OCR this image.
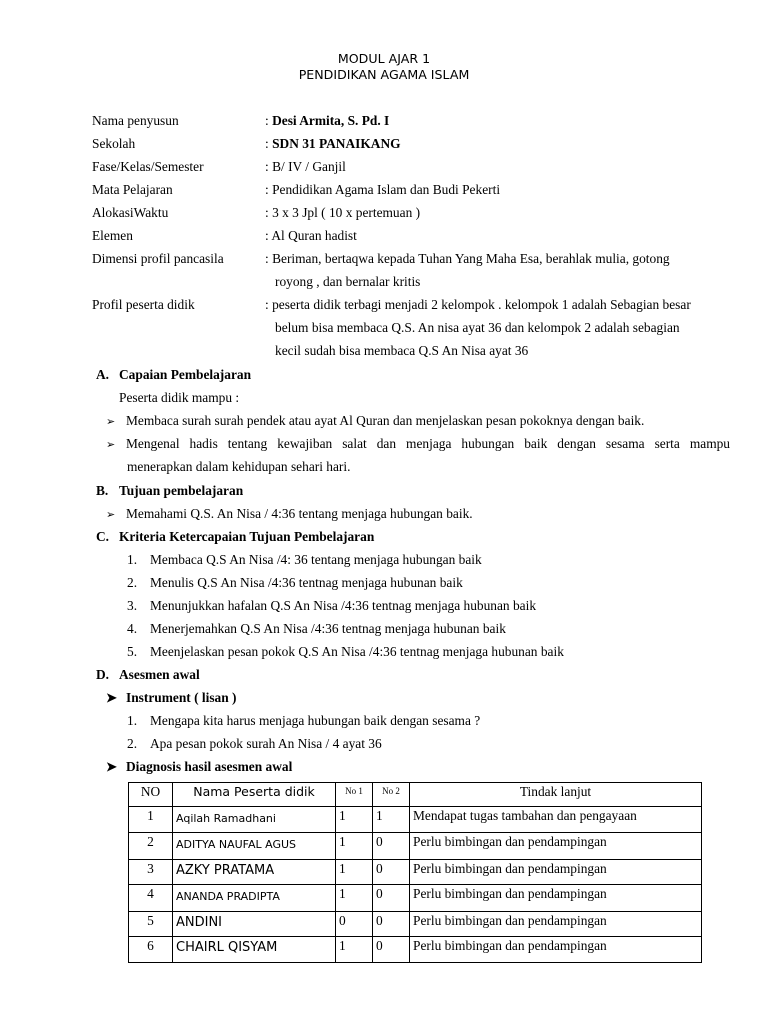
MODUL AJAR 1
PENDIDIKAN AGAMA ISLAM
Nama penyusun	: Desi Armita, S. Pd. I
Sekolah	: SDN 31 PANAIKANG
Fase/Kelas/Semester	: B/ IV / Ganjil
Mata Pelajaran	: Pendidikan Agama Islam dan Budi Pekerti
AlokasiWaktu	: 3 x 3 Jpl ( 10 x pertemuan )
Elemen	: Al Quran hadist
Dimensi profil pancasila	: Beriman, bertaqwa kepada Tuhan Yang Maha Esa, berahlak mulia, gotong
royong , dan bernalar kritis
Profil peserta didik	: peserta didik terbagi menjadi 2 kelompok . kelompok 1 adalah Sebagian besar
belum bisa membaca Q.S. An nisa ayat 36 dan kelompok 2 adalah sebagian
kecil sudah bisa membaca Q.S An Nisa ayat 36
A. Capaian Pembelajaran
Peserta didik mampu :
➢ Membaca surah surah pendek atau ayat Al Quran dan menjelaskan pesan pokoknya dengan baik.
➢ Mengenal hadis tentang kewajiban salat dan menjaga hubungan baik dengan sesama serta mampu
menerapkan dalam kehidupan sehari hari.
B. Tujuan pembelajaran
➢ Memahami Q.S. An Nisa / 4:36 tentang menjaga hubungan baik.
C. Kriteria Ketercapaian Tujuan Pembelajaran
1. Membaca Q.S An Nisa /4: 36 tentang menjaga hubungan baik
2. Menulis Q.S An Nisa /4:36 tentnag menjaga hubunan baik
3. Menunjukkan hafalan Q.S An Nisa /4:36 tentnag menjaga hubunan baik
4. Menerjemahkan Q.S An Nisa /4:36 tentnag menjaga hubunan baik
5. Meenjelaskan pesan pokok Q.S An Nisa /4:36 tentnag menjaga hubunan baik
D. Asesmen awal
➤ Instrument ( lisan )
1. Mengapa kita harus menjaga hubungan baik dengan sesama ?
2. Apa pesan pokok surah An Nisa / 4 ayat 36
➤ Diagnosis hasil asesmen awal
NO	Nama Peserta didik	No 1	No 2	Tindak lanjut
1	Aqilah Ramadhani	1	1	Mendapat tugas tambahan dan pengayaan
2	ADITYA NAUFAL AGUS	1	0	Perlu bimbingan dan pendampingan
3	AZKY PRATAMA	1	0	Perlu bimbingan dan pendampingan
4	ANANDA PRADIPTA	1	0	Perlu bimbingan dan pendampingan
5	ANDINI	0	0	Perlu bimbingan dan pendampingan
6	CHAIRL QISYAM	1	0	Perlu bimbingan dan pendampingan
